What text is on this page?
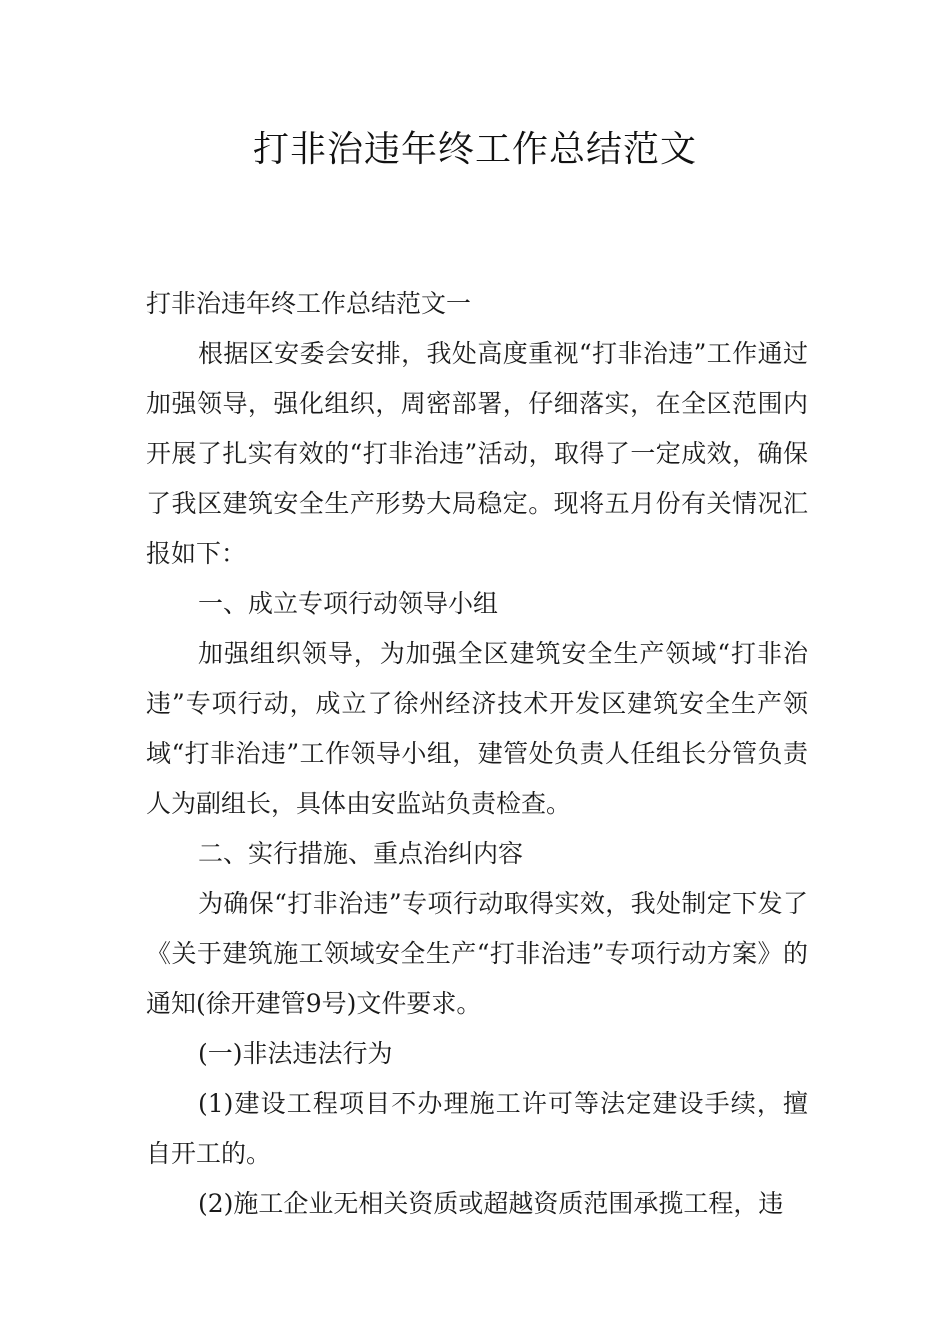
打非治违年终工作总结范文

打非治违年终工作总结范文一

根据区安委会安排，我处高度重视“打非治违”工作通过加强领导，强化组织，周密部署，仔细落实，在全区范围内开展了扎实有效的“打非治违”活动，取得了一定成效，确保了我区建筑安全生产形势大局稳定。现将五月份有关情况汇报如下：

一、成立专项行动领导小组

加强组织领导，为加强全区建筑安全生产领域“打非治违”专项行动，成立了徐州经济技术开发区建筑安全生产领域“打非治违”工作领导小组，建管处负责人任组长分管负责人为副组长，具体由安监站负责检查。

二、实行措施、重点治纠内容

为确保“打非治违”专项行动取得实效，我处制定下发了《关于建筑施工领域安全生产“打非治违”专项行动方案》的通知(徐开建管9号)文件要求。

(一)非法违法行为

(1)建设工程项目不办理施工许可等法定建设手续，擅自开工的。

(2)施工企业无相关资质或超越资质范围承揽工程，违
